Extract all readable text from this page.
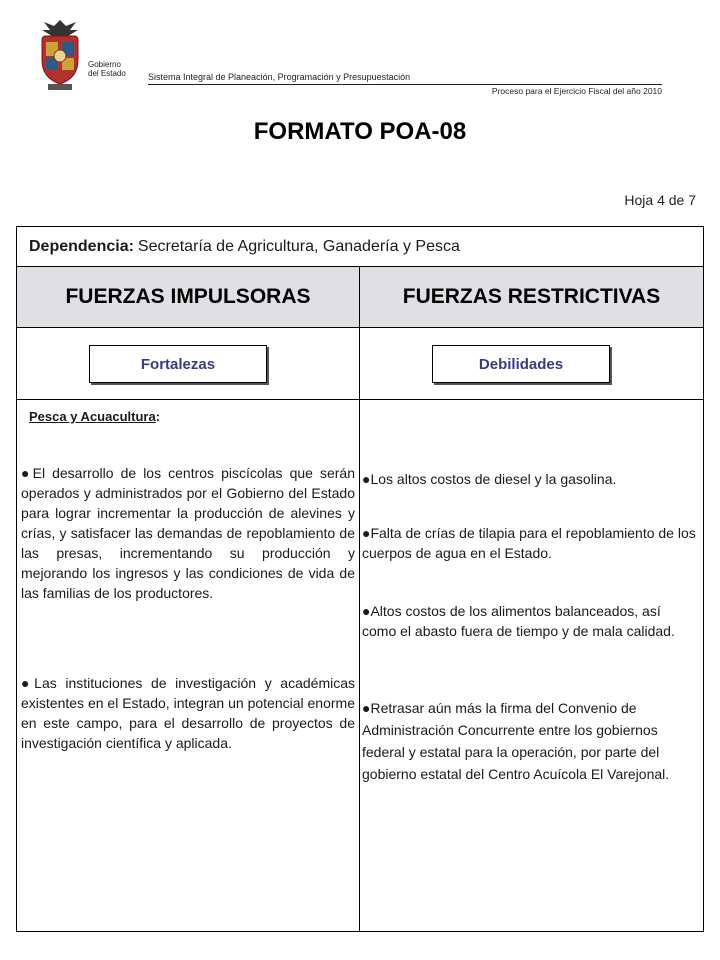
Gobierno
del Estado Sistema Integral de Planeación, Programación y Presupuestación
Proceso para el Ejercicio Fiscal del año 2010
FORMATO POA-08
Hoja 4 de 7
Dependencia: Secretaría de Agricultura, Ganadería y Pesca
FUERZAS IMPULSORAS	FUERZAS RESTRICTIVAS
Fortalezas	Debilidades
Pesca y Acuacultura:
●El desarrollo de los centros piscícolas que serán operados y administrados por el Gobierno del Estado para lograr incrementar la producción de alevines y crías, y satisfacer las demandas de repoblamiento de las presas, incrementando su producción y mejorando los ingresos y las condiciones de vida de las familias de los productores.
●Las instituciones de investigación y académicas existentes en el Estado, integran un potencial enorme en este campo, para el desarrollo de proyectos de investigación científica y aplicada.
●Los altos costos de diesel y la gasolina.
●Falta de crías de tilapia para el repoblamiento de los cuerpos de agua en el Estado.
●Altos costos de los alimentos balanceados, así como el abasto fuera de tiempo y de mala calidad.
●Retrasar aún más la firma del Convenio de Administración Concurrente entre los gobiernos federal y estatal para la operación, por parte del gobierno estatal del Centro Acuícola El Varejonal.
